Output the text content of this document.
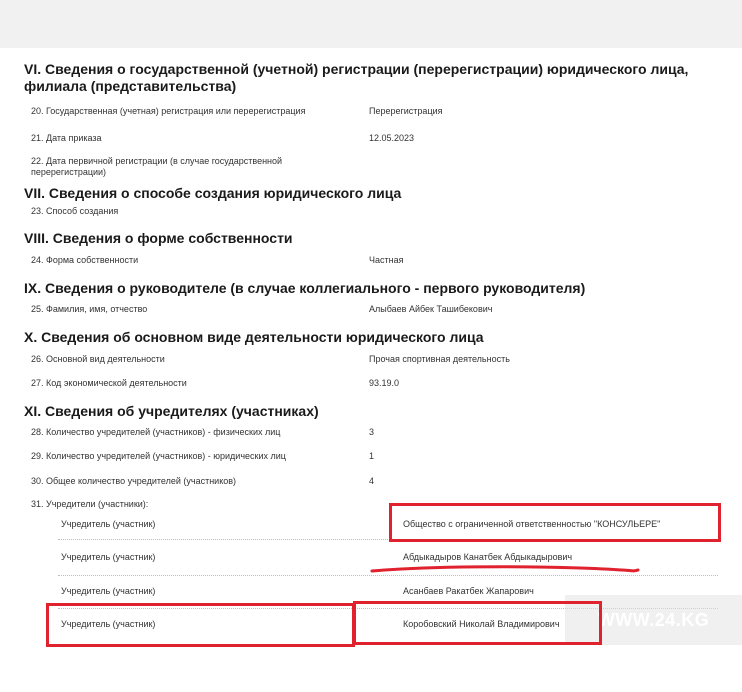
VI. Сведения о государственной (учетной) регистрации (перерегистрации) юридического лица, филиала (представительства)
20. Государственная (учетная) регистрация или перерегистрация	Перерегистрация
21. Дата приказа	12.05.2023
22. Дата первичной регистрации (в случае государственной перерегистрации)
VII. Сведения о способе создания юридического лица
23. Способ создания
VIII. Сведения о форме собственности
24. Форма собственности	Частная
IX. Сведения о руководителе (в случае коллегиального - первого руководителя)
25. Фамилия, имя, отчество	Алыбаев Айбек Ташибекович
X. Сведения об основном виде деятельности юридического лица
26. Основной вид деятельности	Прочая спортивная деятельность
27. Код экономической деятельности	93.19.0
XI. Сведения об учредителях (участниках)
28. Количество учредителей (участников) - физических лиц	3
29. Количество учредителей (участников) - юридических лиц	1
30. Общее количество учредителей (участников)	4
31. Учредители (участники):
Учредитель (участник)	Общество с ограниченной ответственностью "КОНСУЛЬЕРЕ"
Учредитель (участник)	Абдыкадыров Канатбек Абдыкадырович
Учредитель (участник)	Асанбаев Ракатбек Жапарович
Учредитель (участник)	Коробовский Николай Владимирович	WWW.24.KG
